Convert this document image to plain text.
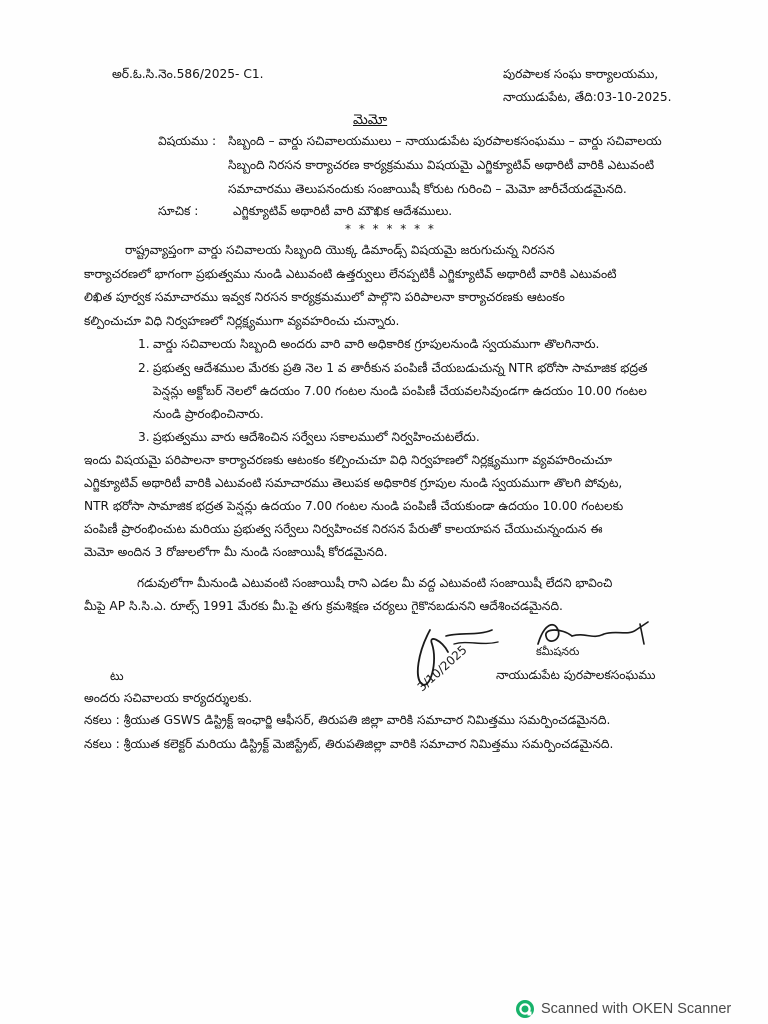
అర్.ఓ.సి.నెం.586/2025- C1.	పురపాలక సంఘ కార్యాలయము,
నాయుడుపేట, తేది:03-10-2025.
మెమో
విషయము : సిబ్బంది – వార్డు సచివాలయములు – నాయుడుపేట పురపాలకసంఘము – వార్డు సచివాలయ
సిబ్బంది నిరసన కార్యాచరణ కార్యక్రమము విషయమై ఎగ్జిక్యూటివ్ అథారిటీ వారికి ఎటువంటి
సమాచారము తెలుపనందుకు సంజాయిషీ కోరుట గురించి – మెమో జారీచేయడమైనది.
సూచిక :	ఎగ్జిక్యూటివ్ అథారిటీ వారి మౌఖిక ఆదేశములు.
* * * * * * *
రాష్ట్రవ్యాప్తంగా వార్డు సచివాలయ సిబ్బంది యొక్క డిమాండ్స్ విషయమై జరుగుచున్న నిరసన
కార్యాచరణలో భాగంగా ప్రభుత్వము నుండి ఎటువంటి ఉత్తర్వులు లేనప్పటికీ ఎగ్జిక్యూటివ్ అథారిటీ వారికి ఎటువంటి
లిఖిత పూర్వక సమాచారము ఇవ్వక నిరసన కార్యక్రమములో పాల్గొని పరిపాలనా కార్యాచరణకు ఆటంకం
కల్పించుచూ విధి నిర్వహణలో నిర్లక్ష్యముగా వ్యవహరించు చున్నారు.
1. వార్డు సచివాలయ సిబ్బంది అందరు వారి వారి అధికారిక గ్రూపులనుండి స్వయముగా తొలగినారు.
2. ప్రభుత్వ ఆదేశముల మేరకు ప్రతి నెల 1 వ తారీకున పంపిణీ చేయబడుచున్న NTR భరోసా సామాజిక భద్రత
పెన్షన్లు అక్టోబర్ నెలలో ఉదయం 7.00 గంటల నుండి పంపిణీ చేయవలసివుండగా ఉదయం 10.00 గంటల
నుండి ప్రారంభించినారు.
3. ప్రభుత్వము వారు ఆదేశించిన సర్వేలు సకాలములో నిర్వహించుటలేదు.
ఇందు విషయమై పరిపాలనా కార్యాచరణకు ఆటంకం కల్పించుచూ విధి నిర్వహణలో నిర్లక్ష్యముగా వ్యవహరించుచూ
ఎగ్జిక్యూటివ్ అథారిటీ వారికి ఎటువంటి సమాచారము తెలుపక అధికారిక గ్రూపుల నుండి స్వయముగా తొలగి పోవుట,
NTR భరోసా సామాజిక భద్రత పెన్షన్లు ఉదయం 7.00 గంటల నుండి పంపిణీ చేయకుండా ఉదయం 10.00 గంటలకు
పంపిణీ ప్రారంభించుట మరియు ప్రభుత్వ సర్వేలు నిర్వహించక నిరసన పేరుతో కాలయాపన చేయుచున్నందున ఈ
మెమో అందిన 3 రోజులలోగా మీ నుండి సంజాయిషీ కోరడమైనది.
గడువులోగా మీనుండి ఎటువంటి సంజాయిషీ రాని ఎడల మీ వద్ద ఎటువంటి సంజాయిషీ లేదని భావించి
మీపై AP సి.సి.ఎ. రూల్స్ 1991 మేరకు మీ.పై తగు క్రమశిక్షణ చర్యలు గైకొనబడునని ఆదేశించడమైనది.
3/10/2025	కమీషనరు
నాయుడుపేట పురపాలకసంఘము
టు
అందరు సచివాలయ కార్యదర్శులకు.
నకలు : శ్రీయుత GSWS డిస్ట్రిక్ట్ ఇంఛార్జి ఆఫీసర్, తిరుపతి జిల్లా వారికి సమాచార నిమిత్తము సమర్పించడమైనది.
నకలు : శ్రీయుత కలెక్టర్ మరియు డిస్ట్రిక్ట్ మెజిస్ట్రేట్, తిరుపతిజిల్లా వారికి సమాచార నిమిత్తము సమర్పించడమైనది.
Scanned with OKEN Scanner
